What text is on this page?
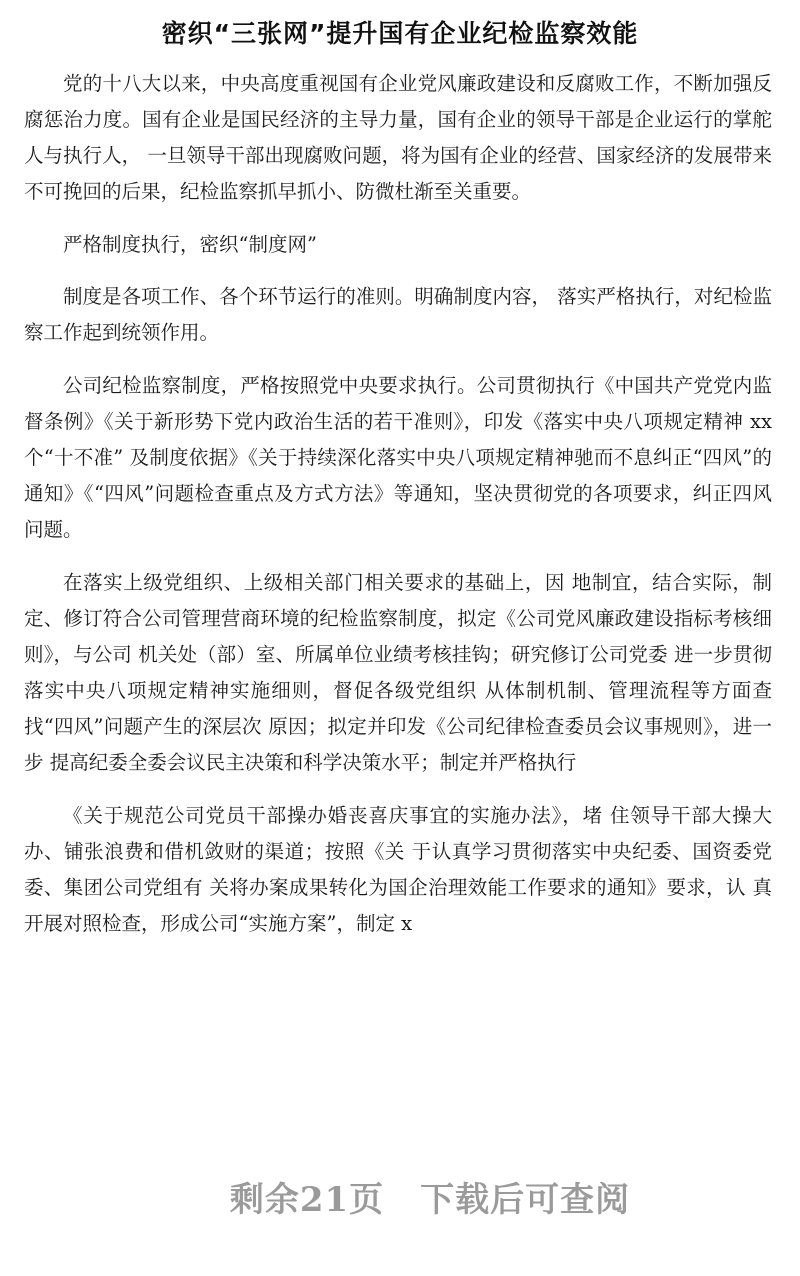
密织“三张网”提升国有企业纪检监察效能

党的十八大以来，中央高度重视国有企业党风廉政建设和反腐败工作，不断加强反腐惩治力度。国有企业是国民经济的主导力量，国有企业的领导干部是企业运行的掌舵人与执行人， 一旦领导干部出现腐败问题，将为国有企业的经营、国家经济的发展带来不可挽回的后果，纪检监察抓早抓小、防微杜渐至关重要。

严格制度执行，密织“制度网”

制度是各项工作、各个环节运行的准则。明确制度内容， 落实严格执行，对纪检监察工作起到统领作用。

公司纪检监察制度，严格按照党中央要求执行。公司贯彻执行《中国共产党党内监督条例》《关于新形势下党内政治生活的若干准则》，印发《落实中央八项规定精神 xx 个“十不准” 及制度依据》《关于持续深化落实中央八项规定精神驰而不息纠正“四风”的通知》《“四风”问题检查重点及方式方法》等通知，坚决贯彻党的各项要求，纠正四风问题。

在落实上级党组织、上级相关部门相关要求的基础上，因 地制宜，结合实际，制定、修订符合公司管理营商环境的纪检监察制度，拟定《公司党风廉政建设指标考核细则》，与公司 机关处（部）室、所属单位业绩考核挂钩；研究修订公司党委 进一步贯彻落实中央八项规定精神实施细则，督促各级党组织 从体制机制、管理流程等方面查找“四风”问题产生的深层次 原因；拟定并印发《公司纪律检查委员会议事规则》，进一步 提高纪委全委会议民主决策和科学决策水平；制定并严格执行

《关于规范公司党员干部操办婚丧喜庆事宜的实施办法》，堵 住领导干部大操大办、铺张浪费和借机敛财的渠道；按照《关 于认真学习贯彻落实中央纪委、国资委党委、集团公司党组有 关将办案成果转化为国企治理效能工作要求的通知》要求，认 真开展对照检查，形成公司“实施方案”，制定 x

剩余21页 下载后可查阅
